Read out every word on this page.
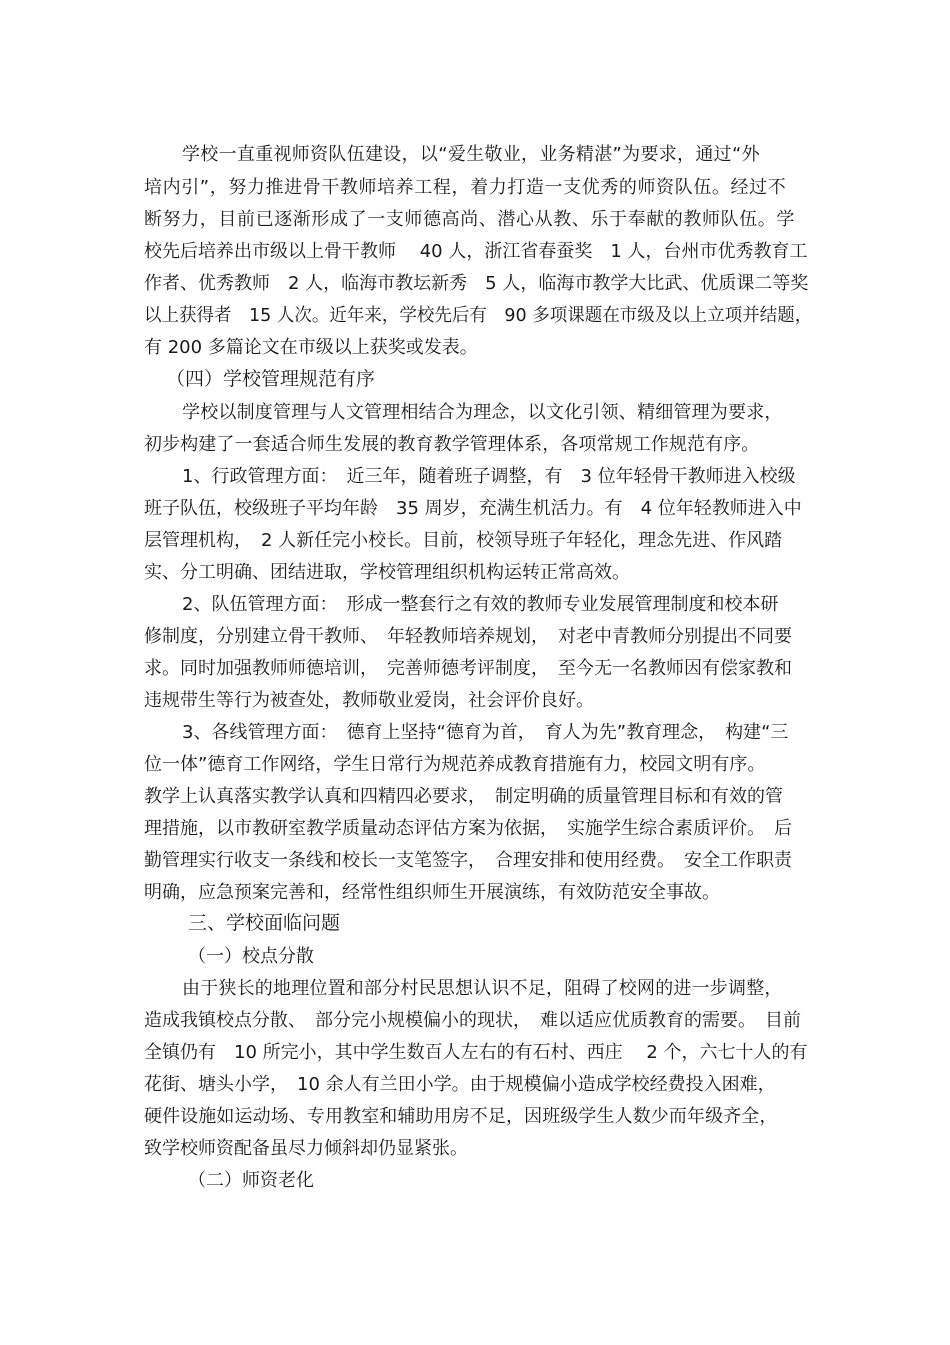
学校一直重视师资队伍建设，以“爱生敬业，业务精湛”为要求，通过“外

培内引”，努力推进骨干教师培养工程，着力打造一支优秀的师资队伍。经过不

断努力，目前已逐渐形成了一支师德高尚、潜心从教、乐于奉献的教师队伍。学

校先后培养出市级以上骨干教师　 40 人，浙江省春蚕奖　1 人，台州市优秀教育工

作者、优秀教师　2 人，临海市教坛新秀　5 人，临海市教学大比武、优质课二等奖

以上获得者　15 人次。近年来，学校先后有　90 多项课题在市级及以上立项并结题，

有 200 多篇论文在市级以上获奖或发表。

（四）学校管理规范有序

学校以制度管理与人文管理相结合为理念，以文化引领、精细管理为要求，

初步构建了一套适合师生发展的教育教学管理体系，各项常规工作规范有序。

1、行政管理方面：　近三年，随着班子调整，有　3 位年轻骨干教师进入校级

班子队伍，校级班子平均年龄　35 周岁，充满生机活力。有　4 位年轻教师进入中

层管理机构，　2 人新任完小校长。目前，校领导班子年轻化，理念先进、作风踏

实、分工明确、团结进取，学校管理组织机构运转正常高效。

2、队伍管理方面：　形成一整套行之有效的教师专业发展管理制度和校本研

修制度，分别建立骨干教师、　年轻教师培养规划，　对老中青教师分别提出不同要

求。同时加强教师师德培训，　完善师德考评制度，　至今无一名教师因有偿家教和

违规带生等行为被查处，教师敬业爱岗，社会评价良好。

3、各线管理方面：　德育上坚持“德育为首，　育人为先”教育理念，　构建“三

位一体”德育工作网络，学生日常行为规范养成教育措施有力，校园文明有序。

教学上认真落实教学认真和四精四必要求，　制定明确的质量管理目标和有效的管

理措施，以市教研室教学质量动态评估方案为依据，　实施学生综合素质评价。　后

勤管理实行收支一条线和校长一支笔签字，　合理安排和使用经费。　安全工作职责

明确，应急预案完善和，经常性组织师生开展演练，有效防范安全事故。

三、学校面临问题

（一）校点分散

由于狭长的地理位置和部分村民思想认识不足，阻碍了校网的进一步调整，

造成我镇校点分散、　部分完小规模偏小的现状，　难以适应优质教育的需要。　目前

全镇仍有　10 所完小，其中学生数百人左右的有石村、西庄　 2 个，六七十人的有

花街、塘头小学，　10 余人有兰田小学。由于规模偏小造成学校经费投入困难，

硬件设施如运动场、专用教室和辅助用房不足，因班级学生人数少而年级齐全，

致学校师资配备虽尽力倾斜却仍显紧张。

（二）师资老化
